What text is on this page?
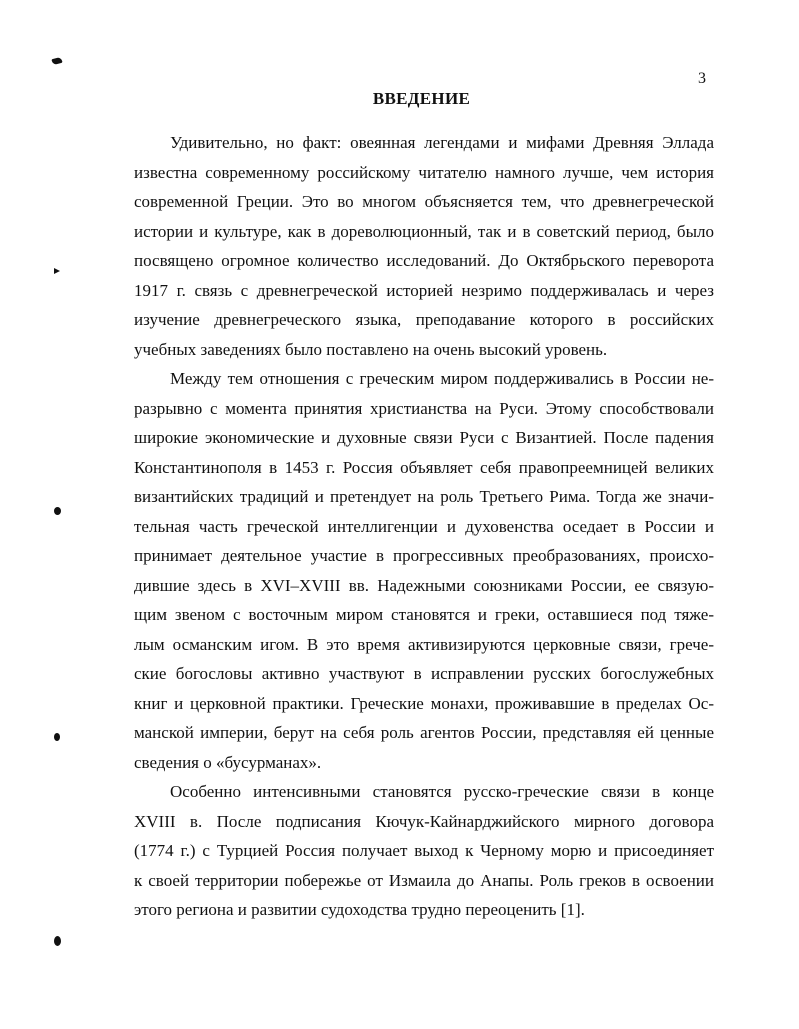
3
ВВЕДЕНИЕ
Удивительно, но факт: овеянная легендами и мифами Древняя Эллада
известна современному российскому читателю намного лучше, чем история
современной Греции. Это во многом объясняется тем, что древнегреческой
истории и культуре, как в дореволюционный, так и в советский период, было
посвящено огромное количество исследований. До Октябрьского переворота
1917 г. связь с древнегреческой историей незримо поддерживалась и через
изучение древнегреческого языка, преподавание которого в российских
учебных заведениях было поставлено на очень высокий уровень.
Между тем отношения с греческим миром поддерживались в России не-
разрывно с момента принятия христианства на Руси. Этому способствовали
широкие экономические и духовные связи Руси с Византией. После падения
Константинополя в 1453 г. Россия объявляет себя правопреемницей великих
византийских традиций и претендует на роль Третьего Рима. Тогда же значи-
тельная часть греческой интеллигенции и духовенства оседает в России и
принимает деятельное участие в прогрессивных преобразованиях, происхо-
дившие здесь в XVI–XVIII вв. Надежными союзниками России, ее связую-
щим звеном с восточным миром становятся и греки, оставшиеся под тяже-
лым османским игом. В это время активизируются церковные связи, грече-
ские богословы активно участвуют в исправлении русских богослужебных
книг и церковной практики. Греческие монахи, проживавшие в пределах Ос-
манской империи, берут на себя роль агентов России, представляя ей ценные
сведения о «бусурманах».
Особенно интенсивными становятся русско-греческие связи в конце
XVIII в. После подписания Кючук-Кайнарджийского мирного договора
(1774 г.) с Турцией Россия получает выход к Черному морю и присоединяет
к своей территории побережье от Измаила до Анапы. Роль греков в освоении
этого региона и развитии судоходства трудно переоценить [1].
